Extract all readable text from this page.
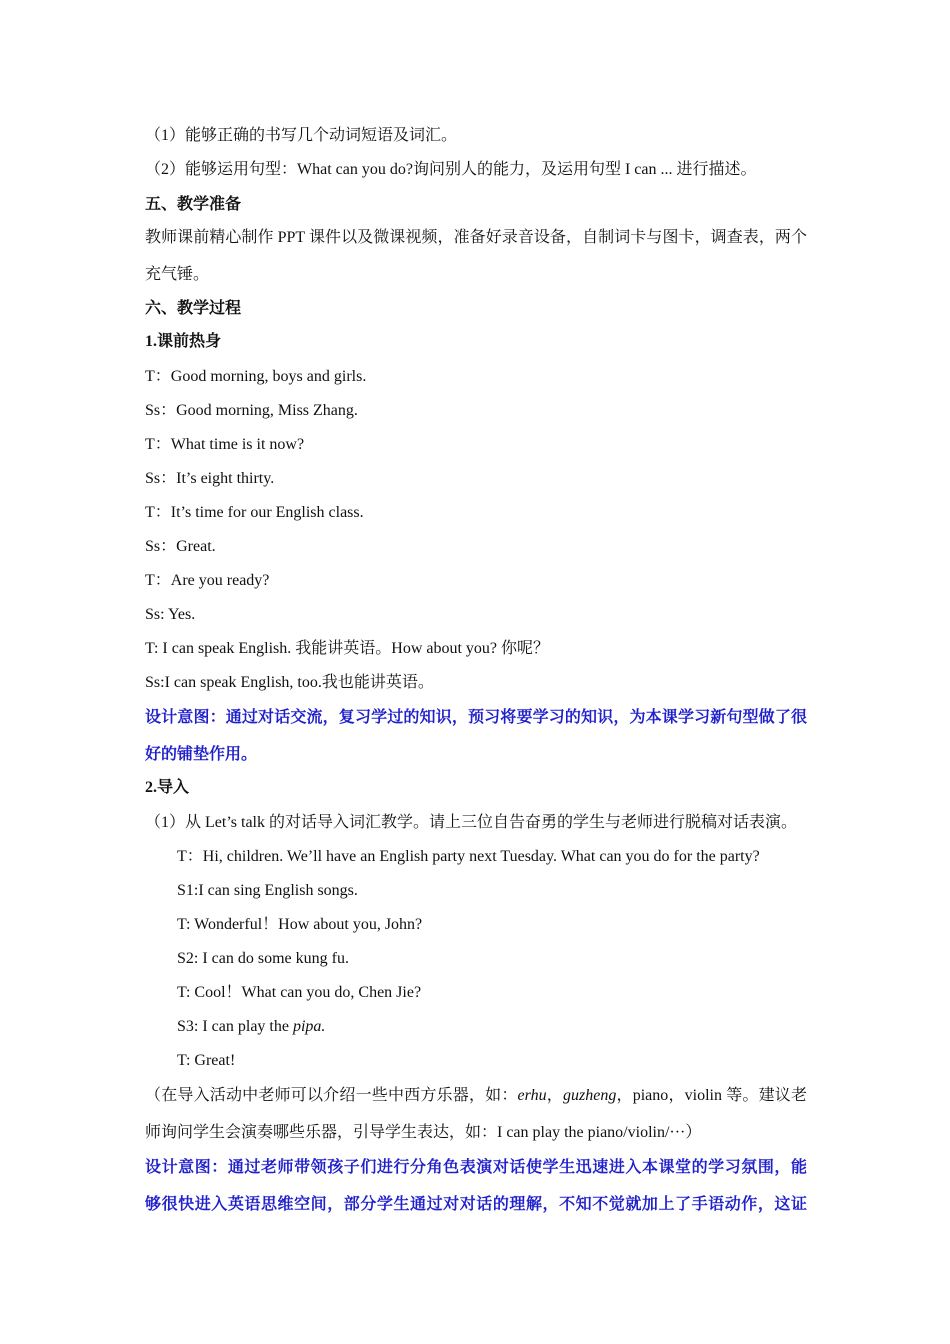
（1）能够正确的书写几个动词短语及词汇。
（2）能够运用句型：What can you do?询问别人的能力，及运用句型 I can ... 进行描述。
五、教学准备
教师课前精心制作 PPT 课件以及微课视频，准备好录音设备，自制词卡与图卡，调查表，两个
充气锤。
六、教学过程
1.课前热身
T：Good morning, boys and girls.
Ss：Good morning, Miss Zhang.
T：What time is it now?
Ss：It’s eight thirty.
T：It’s time for our English class.
Ss：Great.
T：Are you ready?
Ss: Yes.
T: I can speak English. 我能讲英语。How about you? 你呢？
Ss:I can speak English, too.我也能讲英语。
设计意图：通过对话交流，复习学过的知识，预习将要学习的知识，为本课学习新句型做了很
好的铺垫作用。
2.导入
（1）从 Let’s talk 的对话导入词汇教学。请上三位自告奋勇的学生与老师进行脱稿对话表演。
T：Hi, children. We’ll have an English party next Tuesday. What can you do for the party?
S1:I can sing English songs.
T: Wonderful！How about you, John?
S2: I can do some kung fu.
T: Cool！What can you do, Chen Jie?
S3: I can play the pipa.
T: Great!
（在导入活动中老师可以介绍一些中西方乐器，如：erhu，guzheng，piano，violin 等。建议老
师询问学生会演奏哪些乐器，引导学生表达，如：I can play the piano/violin/···）
设计意图：通过老师带领孩子们进行分角色表演对话使学生迅速进入本课堂的学习氛围，能
够很快进入英语思维空间，部分学生通过对对话的理解，不知不觉就加上了手语动作，这证
